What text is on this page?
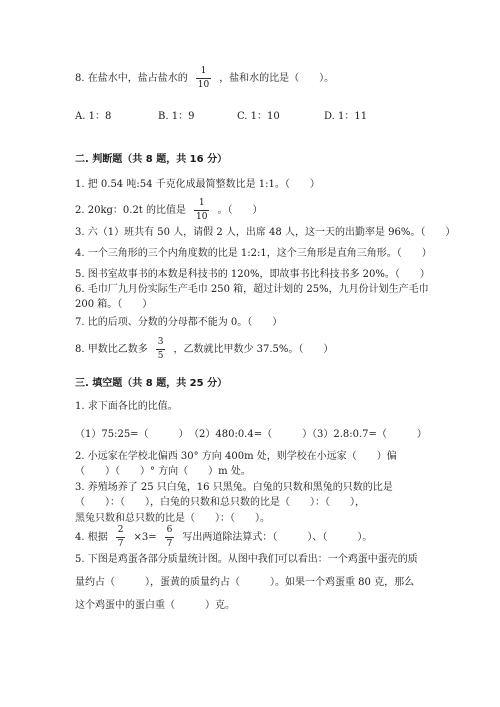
8. 在盐水中，盐占盐水的 $\frac{1}{10}$ ，盐和水的比是（　　）。
A. 1：8	B. 1：9	C. 1：10	D. 1：11
二. 判断题（共 8 题，共 16 分）
1. 把 0.54 吨:54 千克化成最简整数比是 1:1。（　　）
2. 20kg：0.2t 的比值是 $\frac{1}{10}$ 。（　　）
3. 六（1）班共有 50 人，请假 2 人，出席 48 人，这一天的出勤率是 96%。（　　）
4. 一个三角形的三个内角度数的比是 1:2:1，这个三角形是直角三角形。（　　）
5. 图书室故事书的本数是科技书的 120%，即故事书比科技书多 20%。（　　）
6. 毛巾厂九月份实际生产毛巾 250 箱，超过计划的 25%，九月份计划生产毛巾
200 箱。（　　）
7. 比的后项、分数的分母都不能为 0。（　　）
8. 甲数比乙数多 $\frac{3}{5}$ ，乙数就比甲数少 37.5%。（　　）
三. 填空题（共 8 题，共 25 分）
1. 求下面各比的比值。
（1）75:25=（　　　） （2）480:0.4=（　　　）
（3）2.8:0.7=（　　　）
2. 小远家在学校北偏西 30° 方向 400m 处，则学校在小远家（　　）偏
（　　）（　　）° 方向（　　）m 处。
3. 养殖场养了 25 只白兔，16 只黑兔。白兔的只数和黑兔的只数的比是
（　　）：（　　），白兔的只数和总只数的比是（　　）：（　　），
黑兔只数和总只数的比是（　　）：（　　）。
4. 根据 $\frac{2}{7} \times 3= \frac{6}{7}$ 写出两道除法算式：（　　　）、（　　　）。
5. 下图是鸡蛋各部分质量统计图。从图中我们可以看出：一个鸡蛋中蛋壳的质
量约占（　　　），蛋黄的质量约占（　　　）。如果一个鸡蛋重 80 克，那么
这个鸡蛋中的蛋白重（　　　）克。
